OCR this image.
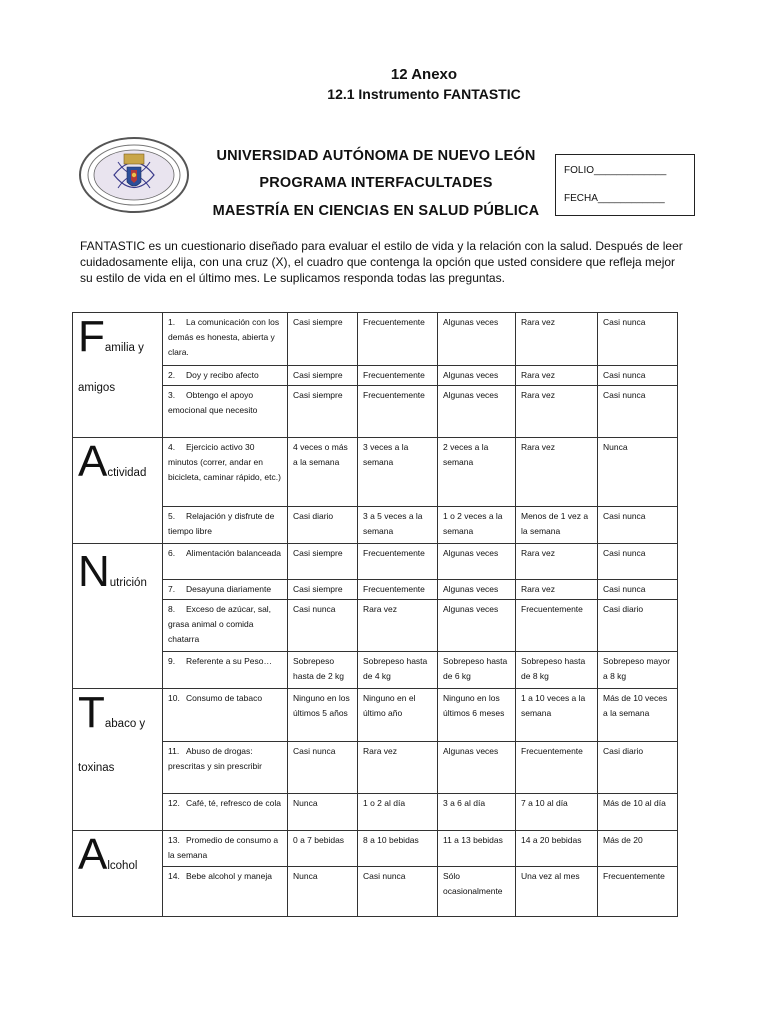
12 Anexo
12.1 Instrumento FANTASTIC
UNIVERSIDAD AUTÓNOMA DE NUEVO LEÓN
PROGRAMA INTERFACULTADES
MAESTRÍA EN CIENCIAS EN SALUD PÚBLICA
FOLIO_____________
FECHA____________
FANTASTIC es un cuestionario diseñado para evaluar el estilo de vida y la relación con la salud. Después de leer cuidadosamente elija, con una cruz (X), el cuadro que contenga la opción que usted considere que refleja mejor su estilo de vida en el último mes. Le suplicamos responda todas las preguntas.
Familia y
amigos	1. La comunicación con los demás es honesta, abierta y clara.	Casi siempre	Frecuentemente	Algunas veces	Rara vez	Casi nunca
	2. Doy y recibo afecto	Casi siempre	Frecuentemente	Algunas veces	Rara vez	Casi nunca
	3. Obtengo el apoyo emocional que necesito	Casi siempre	Frecuentemente	Algunas veces	Rara vez	Casi nunca

Actividad	4. Ejercicio activo 30 minutos (correr, andar en bicicleta, caminar rápido, etc.)	4 veces o más a la semana	3 veces a la semana	2 veces a la semana	Rara vez	Nunca
	5. Relajación y disfrute de tiempo libre	Casi diario	3 a 5 veces a la semana	1 o 2 veces a la semana	Menos de 1 vez a la semana	Casi nunca

Nutrición	6. Alimentación balanceada	Casi siempre	Frecuentemente	Algunas veces	Rara vez	Casi nunca
	7. Desayuna diariamente	Casi siempre	Frecuentemente	Algunas veces	Rara vez	Casi nunca
	8. Exceso de azúcar, sal, grasa animal o comida chatarra	Casi nunca	Rara vez	Algunas veces	Frecuentemente	Casi diario
	9. Referente a su Peso…	Sobrepeso hasta de 2 kg	Sobrepeso hasta de 4 kg	Sobrepeso hasta de 6 kg	Sobrepeso hasta de 8 kg	Sobrepeso mayor a 8 kg

Tabaco y
toxinas	10. Consumo de tabaco	Ninguno en los últimos 5 años	Ninguno en el último año	Ninguno en los últimos 6 meses	1 a 10 veces a la semana	Más de 10 veces a la semana
	11. Abuso de drogas: prescritas y sin prescribir	Casi nunca	Rara vez	Algunas veces	Frecuentemente	Casi diario
	12. Café, té, refresco de cola	Nunca	1 o 2 al día	3 a 6 al día	7 a 10 al día	Más de 10 al día

Alcohol	13. Promedio de consumo a la semana	0 a 7 bebidas	8 a 10 bebidas	11 a 13 bebidas	14 a 20 bebidas	Más de 20
	14. Bebe alcohol y maneja	Nunca	Casi nunca	Sólo ocasionalmente	Una vez al mes	Frecuentemente
